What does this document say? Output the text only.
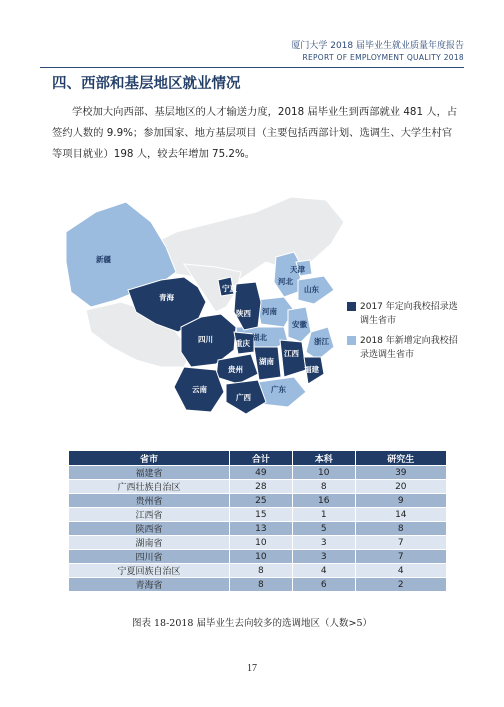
厦门大学 2018 届毕业生就业质量年度报告
REPORT OF EMPLOYMENT QUALITY 2018
四、西部和基层地区就业情况
学校加大向西部、基层地区的人才输送力度，2018 届毕业生到西部就业 481 人，占签约人数的 9.9%；参加国家、地方基层项目（主要包括西部计划、选调生、大学生村官等项目就业）198 人，较去年增加 75.2%。
新疆
青海
宁夏
陕西
四川	重庆
贵州
云南
广西
湖南
江西
福建
广东
湖北
河南
安徽
浙江
山东
河北
天津
2017 年定向我校招录选调生省市
2018 年新增定向我校招录选调生省市
省市	合计	本科	研究生
福建省	49	10	39
广西壮族自治区	28	8	20
贵州省	25	16	9
江西省	15	1	14
陕西省	13	5	8
湖南省	10	3	7
四川省	10	3	7
宁夏回族自治区	8	4	4
青海省	8	6	2
图表 18-2018 届毕业生去向较多的选调地区（人数>5）
17
